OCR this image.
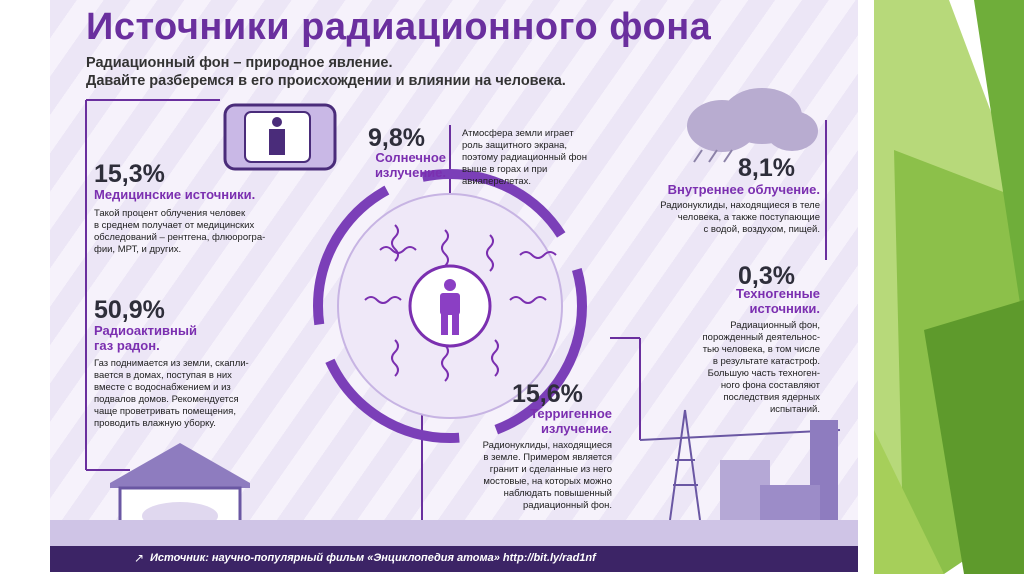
Источники радиационного фона
Радиационный фон – природное явление.
Давайте разберемся в его происхождении и влиянии на человека.
15,3%
Медицинские источники.
Такой процент облучения человек
в среднем получает от медицинских
обследований – рентгена, флюорогра-
фии, МРТ, и других.
9,8%
Солнечное
излучение.
Атмосфера земли играет
роль защитного экрана,
поэтому радиационный фон
выше в горах и при
авиаперелетах.	8,1%
Внутреннее облучение.
Радионуклиды, находящиеся в теле
человека, а также поступающие
с водой, воздухом, пищей.
0,3%
Техногенные
источники.
Радиационный фон,
порожденный деятельнос-
тью человека, в том числе
в результате катастроф.
Большую часть техноген-
ного фона составляют
последствия ядерных
испытаний.
50,9%
Радиоактивный
газ радон.
Газ поднимается из земли, скапли-
вается в домах, поступая в них
вместе с водоснабжением и из
подвалов домов. Рекомендуется
чаще проветривать помещения,
проводить влажную уборку.
15,6%
Терригенное
излучение.
Радионуклиды, находящиеся
в земле. Примером является
гранит и сделанные из него
мостовые, на которых можно
наблюдать повышенный
радиационный фон.
↗ Источник: научно-популярный фильм «Энциклопедия атома» http://bit.ly/rad1nf
